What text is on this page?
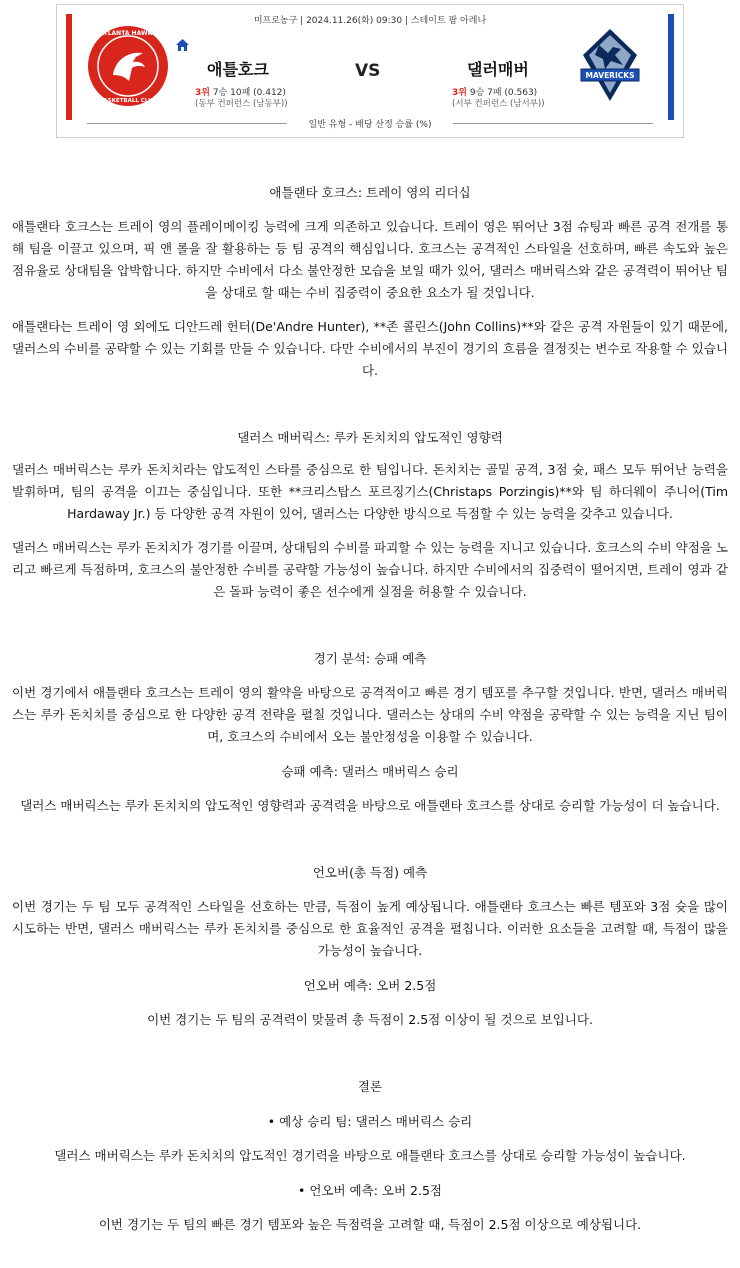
미프로농구 | 2024.11.26(화) 09:30 | 스테이트 팜 아레나
ATLANTA HAWKS
BASKETBALL CLUB
애틀호크	VS	댈러매버
3위 7승 10패 (0.412)
(동부 컨퍼런스 (남동부))
3위 9승 7패 (0.563)
(서부 컨퍼런스 (남서부))
MAVERICKS
일반 유형 - 배당 산정 승률 (%)

애틀랜타 호크스: 트레이 영의 리더십

애틀랜타 호크스는 트레이 영의 플레이메이킹 능력에 크게 의존하고 있습니다. 트레이 영은 뛰어난 3점 슈팅과 빠른 공격 전개를 통해 팀을 이끌고 있으며, 픽 앤 롤을 잘 활용하는 등 팀 공격의 핵심입니다. 호크스는 공격적인 스타일을 선호하며, 빠른 속도와 높은 점유율로 상대팀을 압박합니다. 하지만 수비에서 다소 불안정한 모습을 보일 때가 있어, 댈러스 매버릭스와 같은 공격력이 뛰어난 팀을 상대로 할 때는 수비 집중력이 중요한 요소가 될 것입니다.

애틀랜타는 트레이 영 외에도 디안드레 헌터(De'Andre Hunter), **존 콜린스(John Collins)**와 같은 공격 자원들이 있기 때문에, 댈러스의 수비를 공략할 수 있는 기회를 만들 수 있습니다. 다만 수비에서의 부진이 경기의 흐름을 결정짓는 변수로 작용할 수 있습니다.

댈러스 매버릭스: 루카 돈치치의 압도적인 영향력

댈러스 매버릭스는 루카 돈치치라는 압도적인 스타를 중심으로 한 팀입니다. 돈치치는 골밑 공격, 3점 슛, 패스 모두 뛰어난 능력을 발휘하며, 팀의 공격을 이끄는 중심입니다. 또한 **크리스탑스 포르징기스(Christaps Porzingis)**와 팀 하더웨이 주니어(Tim Hardaway Jr.) 등 다양한 공격 자원이 있어, 댈러스는 다양한 방식으로 득점할 수 있는 능력을 갖추고 있습니다.

댈러스 매버릭스는 루카 돈치치가 경기를 이끌며, 상대팀의 수비를 파괴할 수 있는 능력을 지니고 있습니다. 호크스의 수비 약점을 노리고 빠르게 득점하며, 호크스의 불안정한 수비를 공략할 가능성이 높습니다. 하지만 수비에서의 집중력이 떨어지면, 트레이 영과 같은 돌파 능력이 좋은 선수에게 실점을 허용할 수 있습니다.

경기 분석: 승패 예측

이번 경기에서 애틀랜타 호크스는 트레이 영의 활약을 바탕으로 공격적이고 빠른 경기 템포를 추구할 것입니다. 반면, 댈러스 매버릭스는 루카 돈치치를 중심으로 한 다양한 공격 전략을 펼칠 것입니다. 댈러스는 상대의 수비 약점을 공략할 수 있는 능력을 지닌 팀이며, 호크스의 수비에서 오는 불안정성을 이용할 수 있습니다.

승패 예측: 댈러스 매버릭스 승리

댈러스 매버릭스는 루카 돈치치의 압도적인 영향력과 공격력을 바탕으로 애틀랜타 호크스를 상대로 승리할 가능성이 더 높습니다.

언오버(총 득점) 예측

이번 경기는 두 팀 모두 공격적인 스타일을 선호하는 만큼, 득점이 높게 예상됩니다. 애틀랜타 호크스는 빠른 템포와 3점 슛을 많이 시도하는 반면, 댈러스 매버릭스는 루카 돈치치를 중심으로 한 효율적인 공격을 펼칩니다. 이러한 요소들을 고려할 때, 득점이 많을 가능성이 높습니다.

언오버 예측: 오버 2.5점

이번 경기는 두 팀의 공격력이 맞물려 총 득점이 2.5점 이상이 될 것으로 보입니다.

결론

• 예상 승리 팀: 댈러스 매버릭스 승리

댈러스 매버릭스는 루카 돈치치의 압도적인 경기력을 바탕으로 애틀랜타 호크스를 상대로 승리할 가능성이 높습니다.

• 언오버 예측: 오버 2.5점

이번 경기는 두 팀의 빠른 경기 템포와 높은 득점력을 고려할 때, 득점이 2.5점 이상으로 예상됩니다.
